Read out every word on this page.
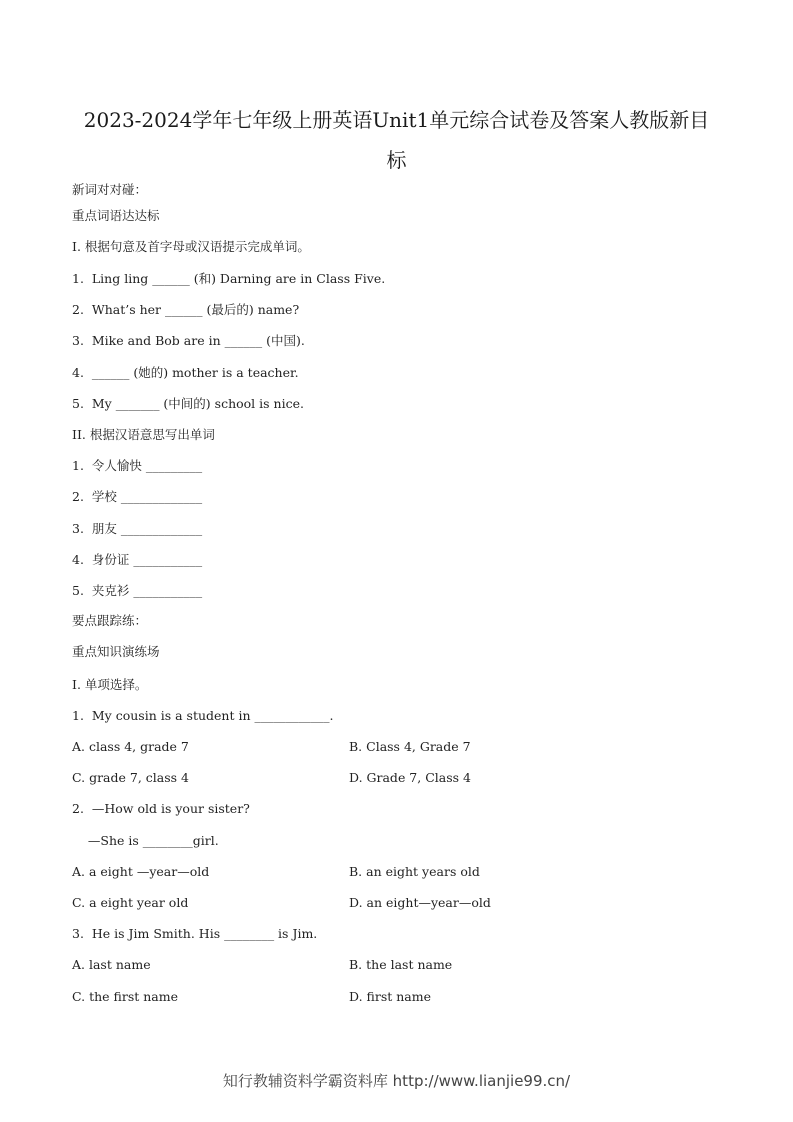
2023-2024学年七年级上册英语Unit1单元综合试卷及答案人教版新目
标
新词对对碰：
重点词语达达标
I. 根据句意及首字母或汉语提示完成单词。
1.  Ling ling ______ (和) Darning are in Class Five.
2.  What’s her ______ (最后的) name?
3.  Mike and Bob are in ______ (中国).
4.  ______ (她的) mother is a teacher.
5.  My _______ (中间的) school is nice.
II. 根据汉语意思写出单词
1.  令人愉快 _________
2.  学校 _____________
3.  朋友 _____________
4.  身份证 ___________
5.  夹克衫 ___________
要点跟踪练：
重点知识演练场
I. 单项选择。
1.  My cousin is a student in ____________.
A. class 4, grade 7	B. Class 4, Grade 7
C. grade 7, class 4	D. Grade 7, Class 4
2.  —How old is your sister?
—She is ________girl.
A. a eight —year—old	B. an eight years old
C. a eight year old	D. an eight—year—old
3.  He is Jim Smith. His ________ is Jim.
A. last name	B. the last name
C. the first name	D. first name
知行教辅资料学霸资料库 http://www.lianjie99.cn/
